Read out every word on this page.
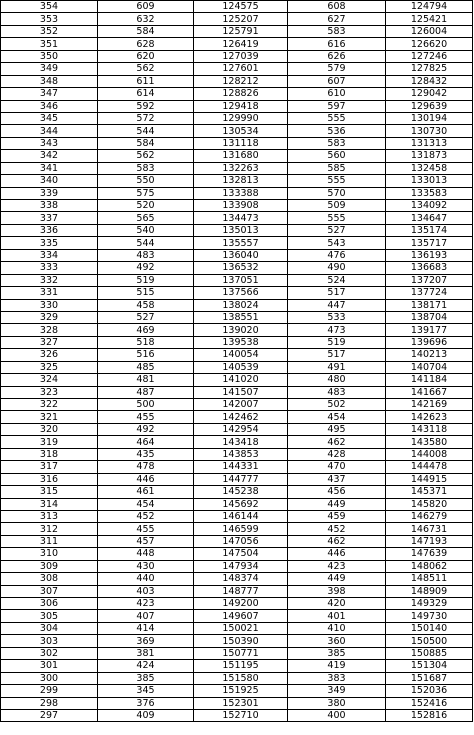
354	609	124575	608	124794
353	632	125207	627	125421
352	584	125791	583	126004
351	628	126419	616	126620
350	620	127039	626	127246
349	562	127601	579	127825
348	611	128212	607	128432
347	614	128826	610	129042
346	592	129418	597	129639
345	572	129990	555	130194
344	544	130534	536	130730
343	584	131118	583	131313
342	562	131680	560	131873
341	583	132263	585	132458
340	550	132813	555	133013
339	575	133388	570	133583
338	520	133908	509	134092
337	565	134473	555	134647
336	540	135013	527	135174
335	544	135557	543	135717
334	483	136040	476	136193
333	492	136532	490	136683
332	519	137051	524	137207
331	515	137566	517	137724
330	458	138024	447	138171
329	527	138551	533	138704
328	469	139020	473	139177
327	518	139538	519	139696
326	516	140054	517	140213
325	485	140539	491	140704
324	481	141020	480	141184
323	487	141507	483	141667
322	500	142007	502	142169
321	455	142462	454	142623
320	492	142954	495	143118
319	464	143418	462	143580
318	435	143853	428	144008
317	478	144331	470	144478
316	446	144777	437	144915
315	461	145238	456	145371
314	454	145692	449	145820
313	452	146144	459	146279
312	455	146599	452	146731
311	457	147056	462	147193
310	448	147504	446	147639
309	430	147934	423	148062
308	440	148374	449	148511
307	403	148777	398	148909
306	423	149200	420	149329
305	407	149607	401	149730
304	414	150021	410	150140
303	369	150390	360	150500
302	381	150771	385	150885
301	424	151195	419	151304
300	385	151580	383	151687
299	345	151925	349	152036
298	376	152301	380	152416
297	409	152710	400	152816
